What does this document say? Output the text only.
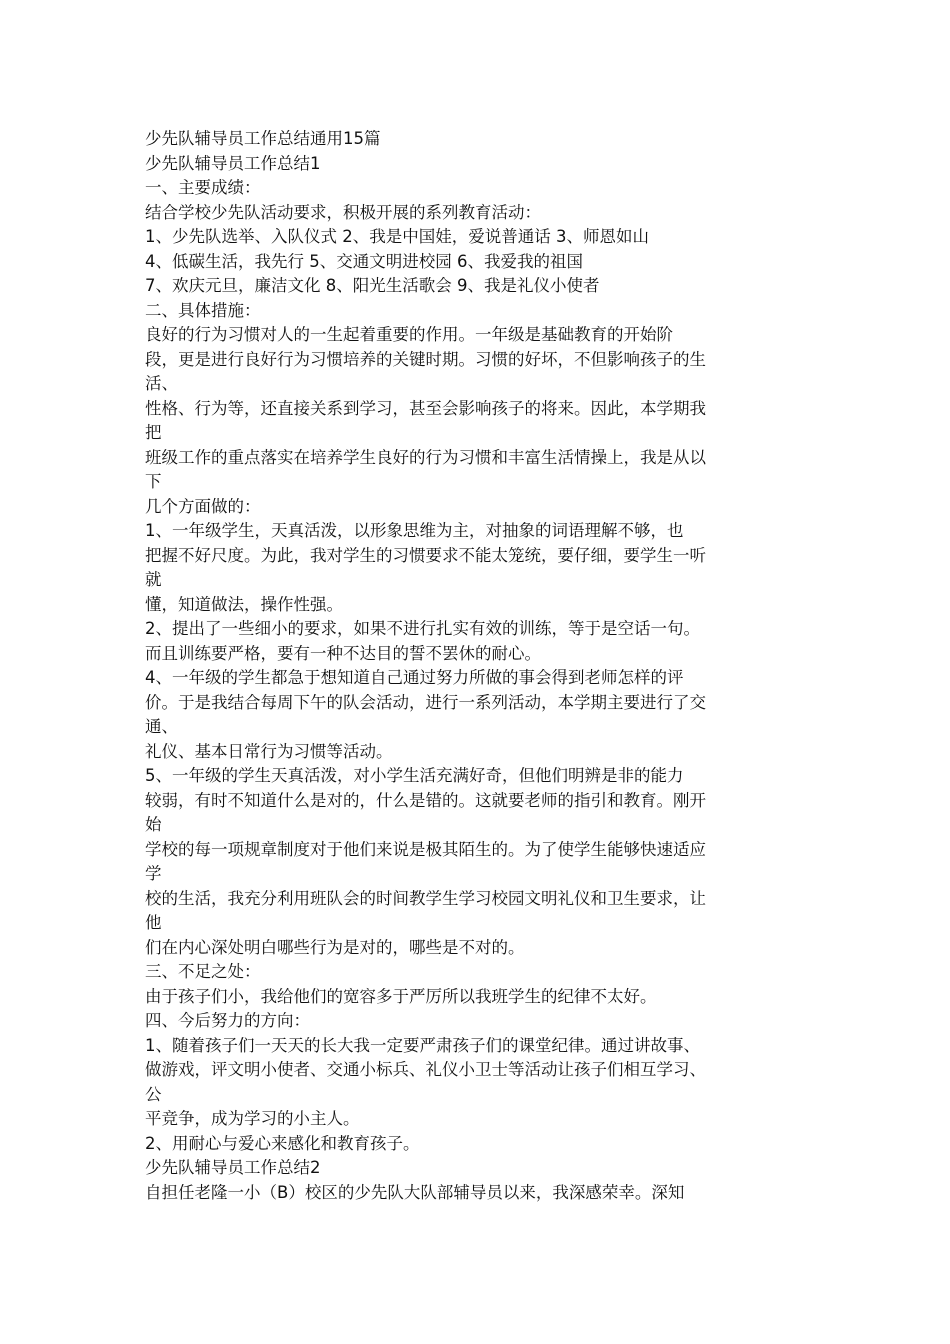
少先队辅导员工作总结通用15篇
少先队辅导员工作总结1
一、主要成绩：
结合学校少先队活动要求，积极开展的系列教育活动：
1、少先队选举、入队仪式 2、我是中国娃，爱说普通话 3、师恩如山
4、低碳生活，我先行 5、交通文明进校园 6、我爱我的祖国
7、欢庆元旦，廉洁文化 8、阳光生活歌会 9、我是礼仪小使者
二、具体措施：
良好的行为习惯对人的一生起着重要的作用。一年级是基础教育的开始阶
段，更是进行良好行为习惯培养的关键时期。习惯的好坏，不但影响孩子的生
活、
性格、行为等，还直接关系到学习，甚至会影响孩子的将来。因此，本学期我
把
班级工作的重点落实在培养学生良好的行为习惯和丰富生活情操上，我是从以
下
几个方面做的：
1、一年级学生，天真活泼，以形象思维为主，对抽象的词语理解不够，也
把握不好尺度。为此，我对学生的习惯要求不能太笼统，要仔细，要学生一听
就
懂，知道做法，操作性强。
2、提出了一些细小的要求，如果不进行扎实有效的训练，等于是空话一句。
而且训练要严格，要有一种不达目的誓不罢休的耐心。
4、一年级的学生都急于想知道自己通过努力所做的事会得到老师怎样的评
价。于是我结合每周下午的队会活动，进行一系列活动，本学期主要进行了交
通、
礼仪、基本日常行为习惯等活动。
5、一年级的学生天真活泼，对小学生活充满好奇，但他们明辨是非的能力
较弱，有时不知道什么是对的，什么是错的。这就要老师的指引和教育。刚开
始
学校的每一项规章制度对于他们来说是极其陌生的。为了使学生能够快速适应
学
校的生活，我充分利用班队会的时间教学生学习校园文明礼仪和卫生要求，让
他
们在内心深处明白哪些行为是对的，哪些是不对的。
三、不足之处：
由于孩子们小，我给他们的宽容多于严厉所以我班学生的纪律不太好。
四、今后努力的方向：
1、随着孩子们一天天的长大我一定要严肃孩子们的课堂纪律。通过讲故事、
做游戏，评文明小使者、交通小标兵、礼仪小卫士等活动让孩子们相互学习、
公
平竞争，成为学习的小主人。
2、用耐心与爱心来感化和教育孩子。
少先队辅导员工作总结2
自担任老隆一小（B）校区的少先队大队部辅导员以来，我深感荣幸。深知
